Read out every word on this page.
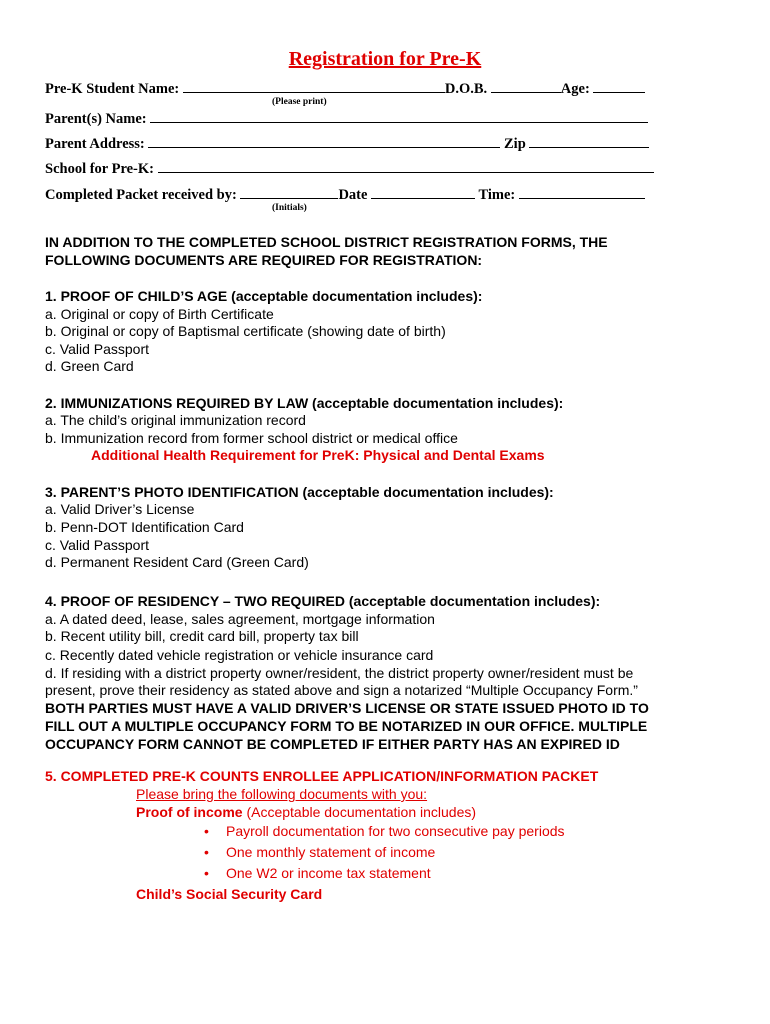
Registration for Pre-K
Pre-K Student Name:	D.O.B.	Age:
(Please print)
Parent(s) Name:
Parent Address:	Zip
School for Pre-K:
Completed Packet received by:	Date	Time:
(Initials)
IN ADDITION TO THE COMPLETED SCHOOL DISTRICT REGISTRATION FORMS, THE
FOLLOWING DOCUMENTS ARE REQUIRED FOR REGISTRATION:
1. PROOF OF CHILD’S AGE (acceptable documentation includes):
a. Original or copy of Birth Certificate
b. Original or copy of Baptismal certificate (showing date of birth)
c. Valid Passport
d. Green Card
2. IMMUNIZATIONS REQUIRED BY LAW (acceptable documentation includes):
a. The child’s original immunization record
b. Immunization record from former school district or medical office
Additional Health Requirement for PreK: Physical and Dental Exams
3. PARENT’S PHOTO IDENTIFICATION (acceptable documentation includes):
a. Valid Driver’s License
b. Penn-DOT Identification Card
c. Valid Passport
d. Permanent Resident Card (Green Card)
4. PROOF OF RESIDENCY – TWO REQUIRED (acceptable documentation includes):
a. A dated deed, lease, sales agreement, mortgage information
b. Recent utility bill, credit card bill, property tax bill
c. Recently dated vehicle registration or vehicle insurance card
d. If residing with a district property owner/resident, the district property owner/resident must be
present, prove their residency as stated above and sign a notarized “Multiple Occupancy Form.”
BOTH PARTIES MUST HAVE A VALID DRIVER’S LICENSE OR STATE ISSUED PHOTO ID TO
FILL OUT A MULTIPLE OCCUPANCY FORM TO BE NOTARIZED IN OUR OFFICE. MULTIPLE
OCCUPANCY FORM CANNOT BE COMPLETED IF EITHER PARTY HAS AN EXPIRED ID
5. COMPLETED PRE-K COUNTS ENROLLEE APPLICATION/INFORMATION PACKET
Please bring the following documents with you:
Proof of income (Acceptable documentation includes)
• Payroll documentation for two consecutive pay periods
• One monthly statement of income
• One W2 or income tax statement
Child’s Social Security Card
